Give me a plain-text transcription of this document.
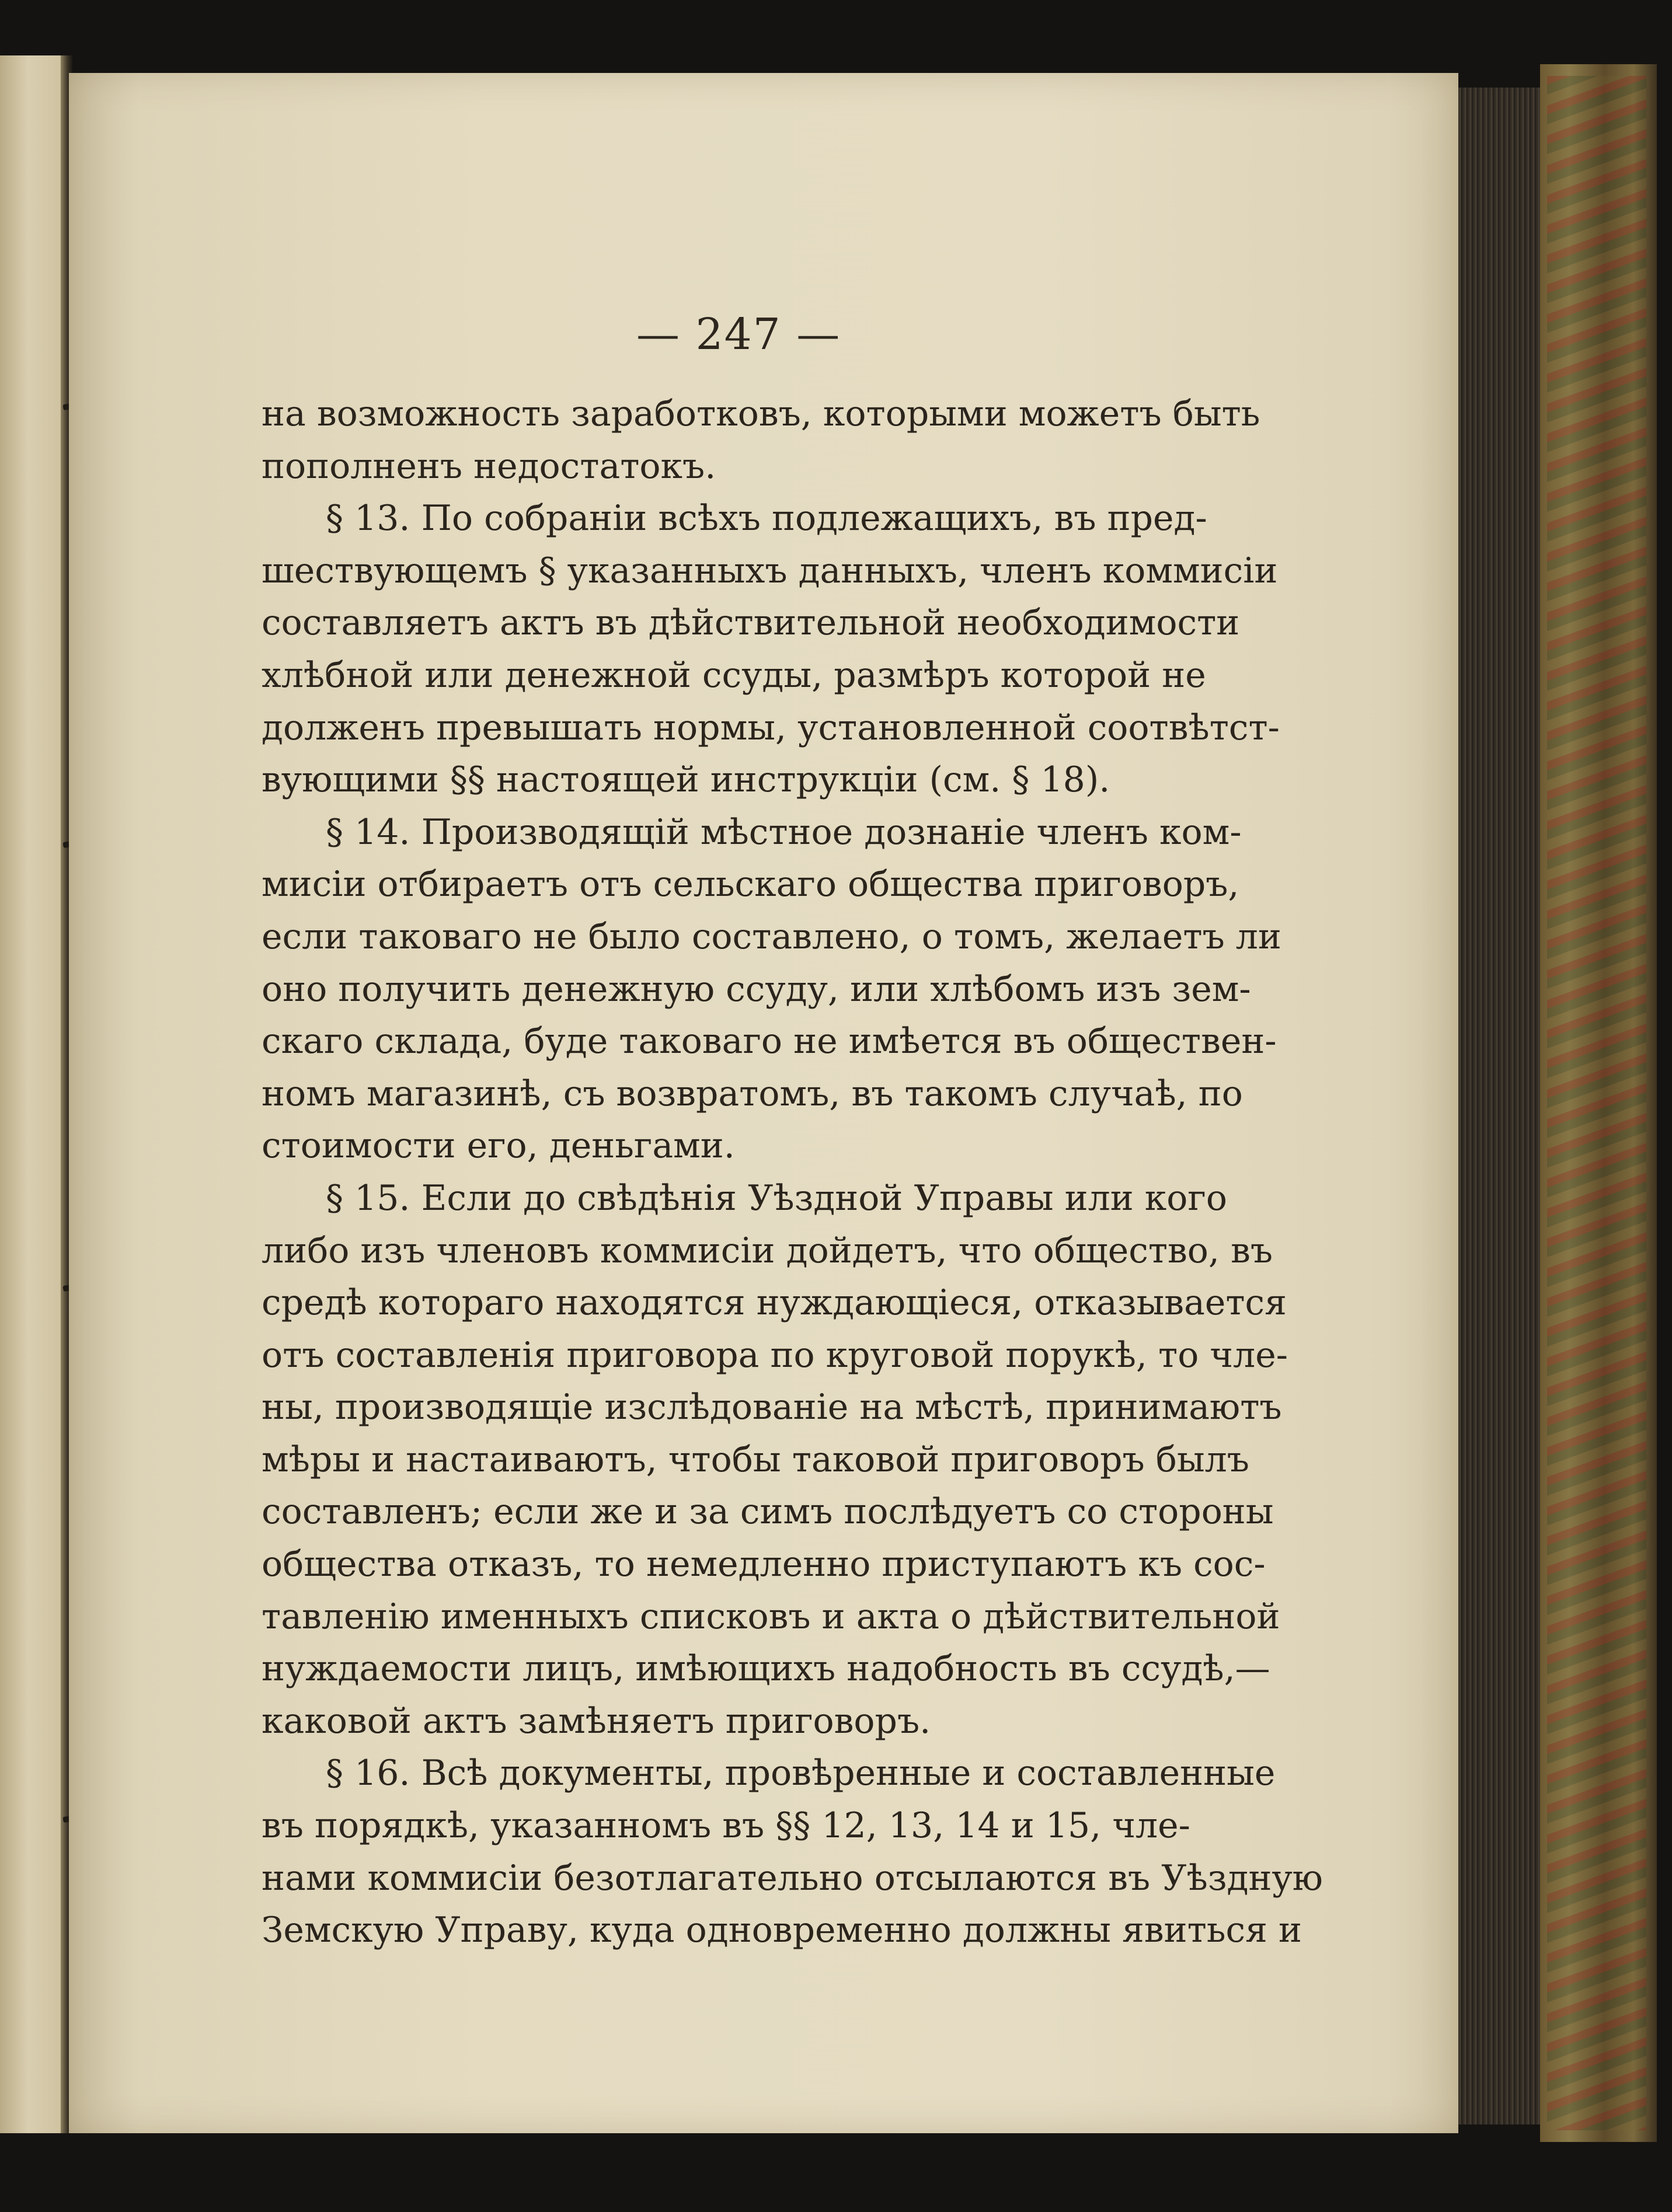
— 247 —
на возможность заработковъ, которыми можетъ быть
пополненъ недостатокъ.
§ 13. По собраніи всѣхъ подлежащихъ, въ пред-
шествующемъ § указанныхъ данныхъ, членъ коммисіи
составляетъ актъ въ дѣйствительной необходимости
хлѣбной или денежной ссуды, размѣръ которой не
долженъ превышать нормы, установленной соотвѣтст-
вующими §§ настоящей инструкціи (см. § 18).
§ 14. Производящій мѣстное дознаніе членъ ком-
мисіи отбираетъ отъ сельскаго общества приговоръ,
если таковаго не было составлено, о томъ, желаетъ ли
оно получить денежную ссуду, или хлѣбомъ изъ зем-
скаго склада, буде таковаго не имѣется въ обществен-
номъ магазинѣ, съ возвратомъ, въ такомъ случаѣ, по
стоимости его, деньгами.
§ 15. Если до свѣдѣнія Уѣздной Управы или кого
либо изъ членовъ коммисіи дойдетъ, что общество, въ
средѣ котораго находятся нуждающіеся, отказывается
отъ составленія приговора по круговой порукѣ, то чле-
ны, производящіе изслѣдованіе на мѣстѣ, принимаютъ
мѣры и настаиваютъ, чтобы таковой приговоръ былъ
составленъ; если же и за симъ послѣдуетъ со стороны
общества отказъ, то немедленно приступаютъ къ сос-
тавленію именныхъ списковъ и акта о дѣйствительной
нуждаемости лицъ, имѣющихъ надобность въ ссудѣ,—
каковой актъ замѣняетъ приговоръ.
§ 16. Всѣ документы, провѣренные и составленные
въ порядкѣ, указанномъ въ §§ 12, 13, 14 и 15, чле-
нами коммисіи безотлагательно отсылаются въ Уѣздную
Земскую Управу, куда одновременно должны явиться и
